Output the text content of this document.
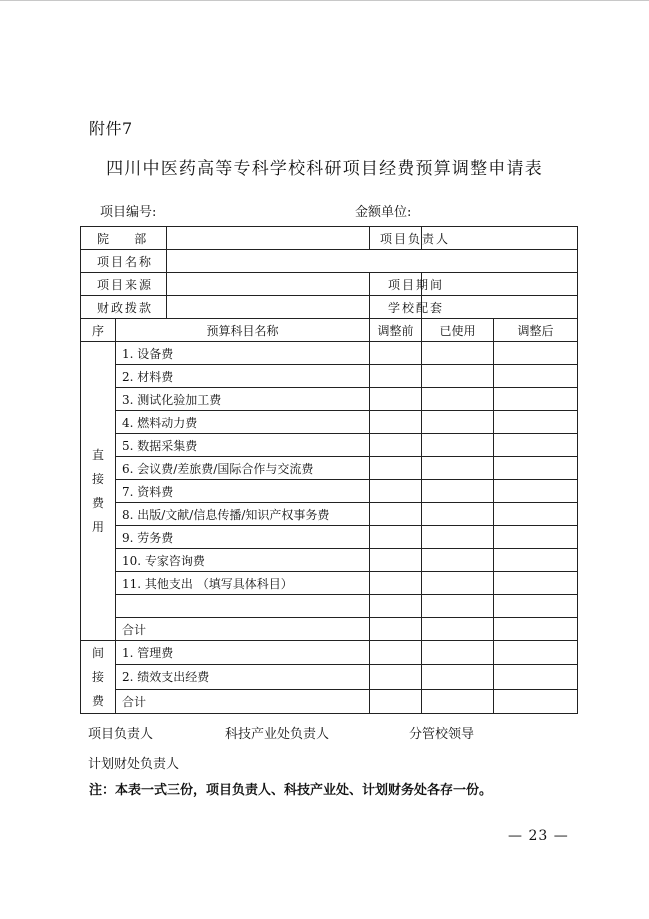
附件7
四川中医药高等专科学校科研项目经费预算调整申请表
项目编号:	金额单位:
院    部			项目负责人		
项目名称					
项目来源			项目期间		
财政拨款			学校配套		
序	预算科目名称		调整前	已使用	调整后

直
接
费
用	1. 设备费				
	2. 材料费				
	3. 测试化验加工费				
	4. 燃料动力费				
	5. 数据采集费				
	6. 会议费/差旅费/国际合作与交流费				
	7. 资料费				
	8. 出版/文献/信息传播/知识产权事务费				
	9. 劳务费				
	10. 专家咨询费				
	11. 其他支出 （填写具体科目）				

	合计				

间
接
费	1. 管理费				
	2. 绩效支出经费				
	合计				
项目负责人	科技产业处负责人	分管校领导
计划财处负责人
注：本表一式三份，项目负责人、科技产业处、计划财务处各存一份。
— 23 —
